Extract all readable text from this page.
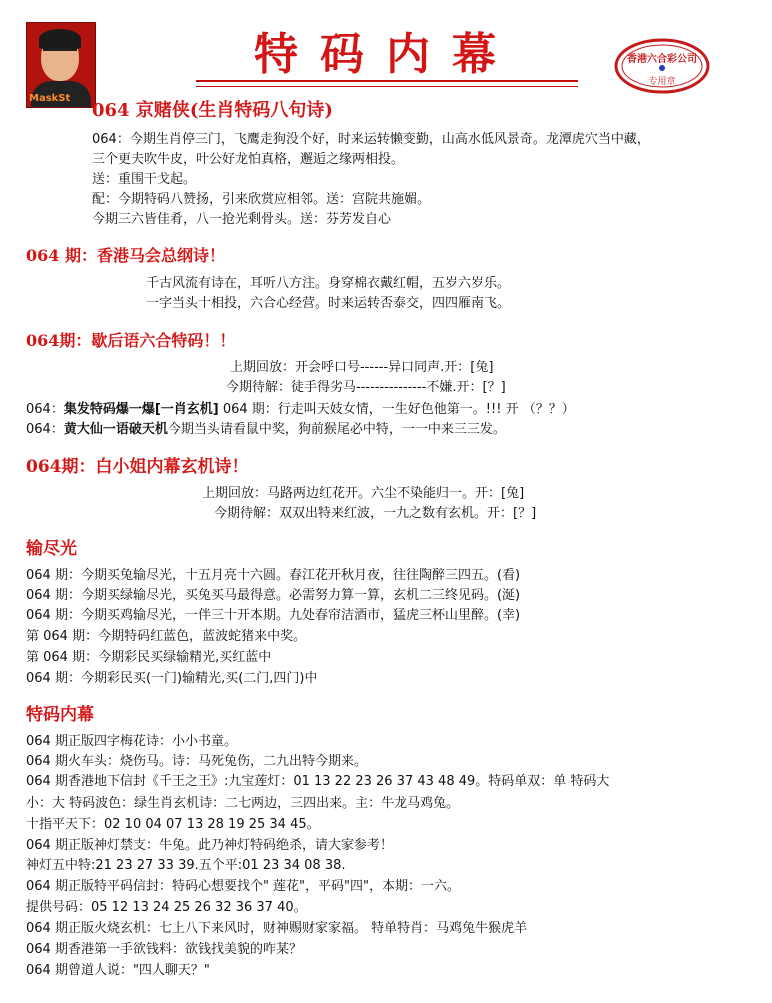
MaskSt
特码内幕	香港六合彩公司
专用章
064 京赌侠(生肖特码八句诗)
064：今期生肖停三门，飞鹰走狗没个好，时来运转懒变勤，山高水低风景奇。龙潭虎穴当中藏，
三个更夫吹牛皮，叶公好龙怕真格，邂逅之缘两相投。
送：重围干戈起。
配：今期特码八赞扬，引来欣赏应相邻。送：宫院共施媚。
今期三六皆佳肴，八一抢光剩骨头。送：芬芳发自心
064 期：香港马会总纲诗！
千古风流有诗在，耳听八方注。身穿棉衣戴红帽，五岁六岁乐。
一字当头十相投，六合心经营。时来运转否泰交，四四雁南飞。
064期：歇后语六合特码！！
上期回放：开会呼口号------异口同声.开：[兔]
今期待解：徒手得劣马---------------不嫌.开：[？]
064：集发特码爆一爆[一肖玄机] 064 期：行走叫天妓女情，一生好色他第一。!!! 开 （？？）
064：黄大仙一语破天机今期当头请看鼠中奖，狗前猴尾必中特，一一中来三三发。
064期：白小姐内幕玄机诗！
上期回放：马路两边红花开。六尘不染能归一。开：[兔]
今期待解：双双出特来红波，一九之数有玄机。开：[？]
输尽光
064 期：今期买兔输尽光，十五月亮十六圆。春江花开秋月夜，往往陶醉三四五。(看)
064 期：今期买绿输尽光，买兔买马最得意。必需努力算一算，玄机二三终见码。(涎)
064 期：今期买鸡输尽光，一伴三十开本期。九处春帘洁酒市，猛虎三杯山里醉。(幸)
第 064 期：今期特码红蓝色，蓝波蛇猪来中奖。
第 064 期：今期彩民买绿输精光,买红蓝中
064 期：今期彩民买(一门)输精光,买(二门,四门)中
特码内幕
064 期正版四字梅花诗：小小书童。
064 期火车头：烧伤马。诗：马死兔伤，二九出特今期来。
064 期香港地下信封《千王之王》:九宝莲灯：01 13 22 23 26 37 43 48 49。特码单双：单 特码大
小：大 特码波色：绿生肖玄机诗：二七两边，三四出来。主：牛龙马鸡兔。
十指平天下：02 10 04 07 13 28 19 25 34 45。
064 期正版神灯禁支：牛兔。此乃神灯特码绝杀，请大家参考！
神灯五中特:21 23 27 33 39.五个平:01 23 34 08 38.
064 期正版特平码信封：特码心想要找个" 莲花"，平码"四"，本期：一六。
提供号码：05 12 13 24 25 26 32 36 37 40。
064 期正版火烧玄机：七上八下来风时，财神赐财家家福。 特单特肖：马鸡兔牛猴虎羊
064 期香港第一手欲钱料：欲钱找美貌的咋某？
064 期曾道人说："四人聊天？"
